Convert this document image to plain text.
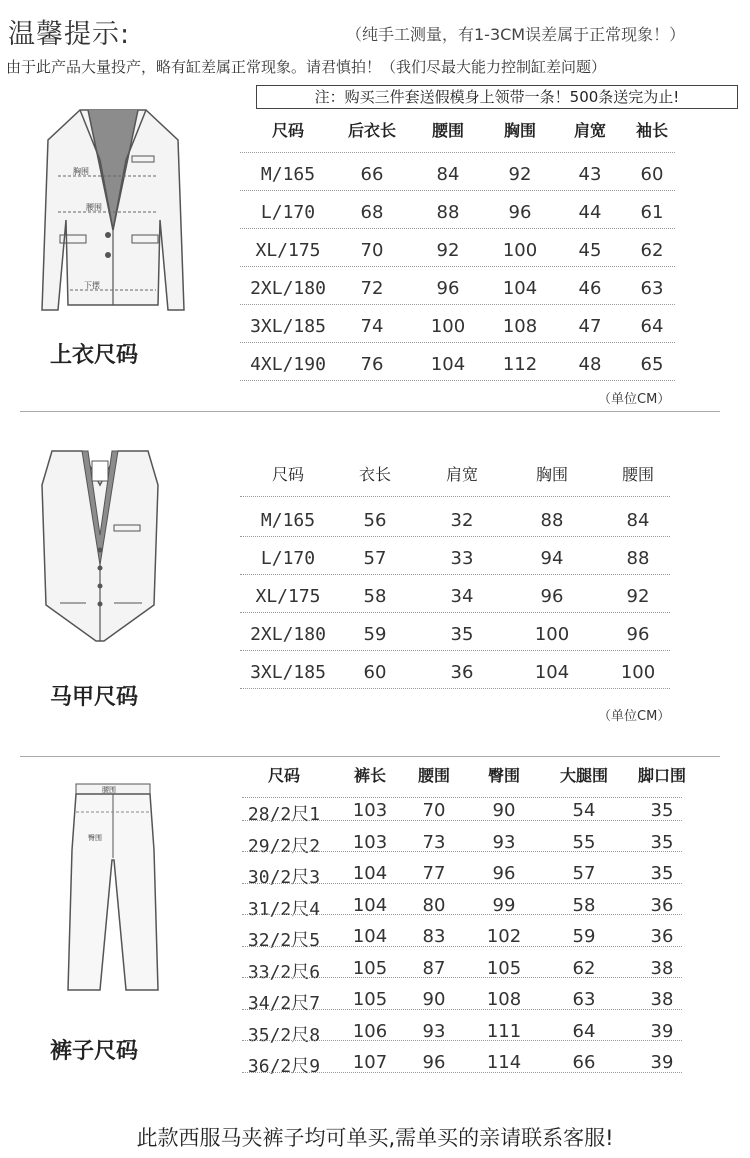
温馨提示:	（纯手工测量，有1-3CM误差属于正常现象！）
由于此产品大量投产，略有缸差属正常现象。请君慎拍！（我们尽最大能力控制缸差问题）
注：购买三件套送假模身上领带一条！500条送完为止!
胸围
腰围
下摆
上衣尺码
尺码	后衣长	腰围	胸围	肩宽	袖长
M/165	66	84	92	43	60
L/170	68	88	96	44	61
XL/175	70	92	100	45	62
2XL/180	72	96	104	46	63
3XL/185	74	100	108	47	64
4XL/190	76	104	112	48	65
（单位CM）
马甲尺码
尺码	衣长	肩宽	胸围	腰围
M/165	56	32	88	84
L/170	57	33	94	88
XL/175	58	34	96	92
2XL/180	59	35	100	96
3XL/185	60	36	104	100
（单位CM）
腰围
臀围
裤子尺码
尺码	裤长	腰围	臀围	大腿围	脚口围
28/2尺1	103	70	90	54	35
29/2尺2	103	73	93	55	35
30/2尺3	104	77	96	57	35
31/2尺4	104	80	99	58	36
32/2尺5	104	83	102	59	36
33/2尺6	105	87	105	62	38
34/2尺7	105	90	108	63	38
35/2尺8	106	93	111	64	39
36/2尺9	107	96	114	66	39
此款西服马夹裤子均可单买,需单买的亲请联系客服!
